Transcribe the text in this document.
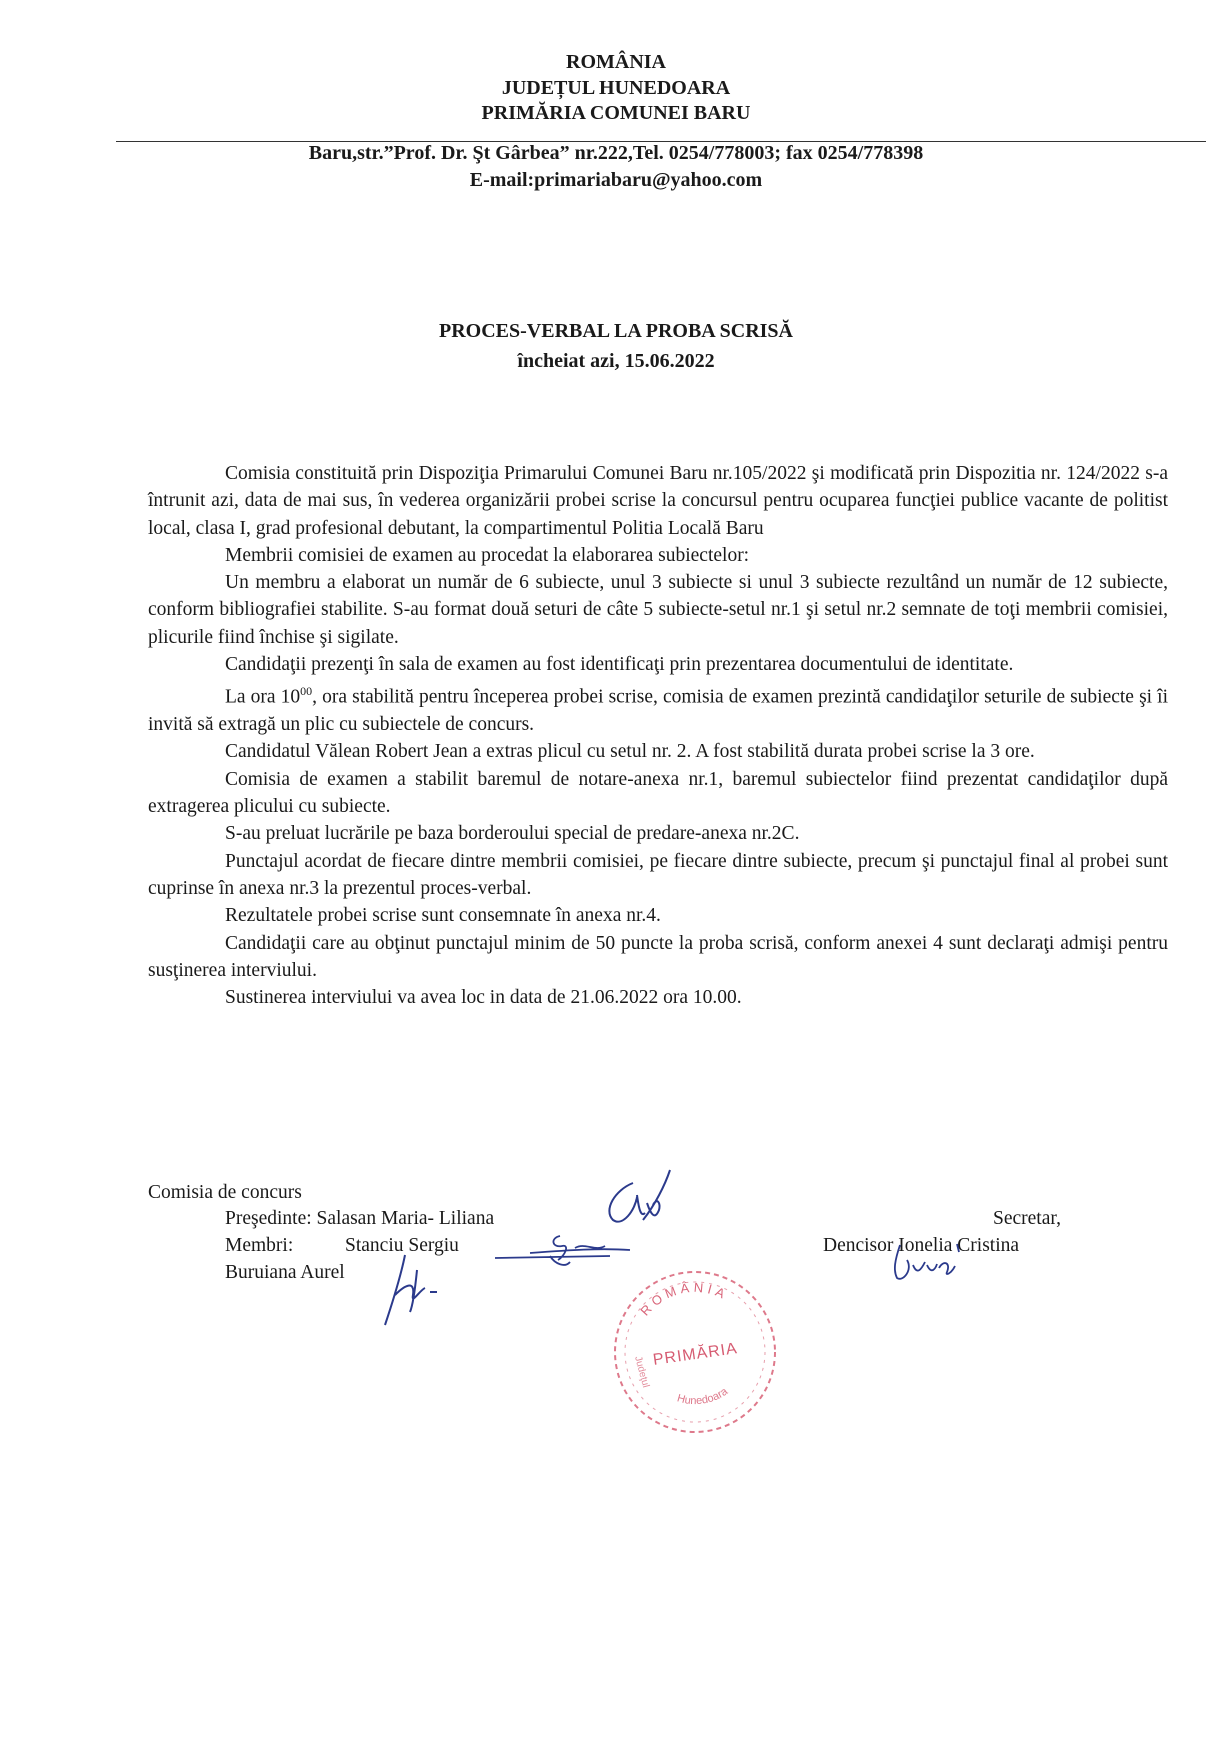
ROMÂNIA
JUDEȚUL HUNEDOARA
PRIMĂRIA COMUNEI BARU
Baru,str.”Prof. Dr. Şt Gârbea” nr.222,Tel. 0254/778003; fax 0254/778398
E-mail:primariabaru@yahoo.com
PROCES-VERBAL LA PROBA SCRISĂ
încheiat azi, 15.06.2022

Comisia constituită prin Dispoziţia Primarului Comunei Baru nr.105/2022 şi modificată prin Dispozitia nr. 124/2022 s-a întrunit azi, data de mai sus, în vederea organizării probei scrise la concursul pentru ocuparea funcţiei publice vacante de politist local, clasa I, grad profesional debutant, la compartimentul Politia Locală Baru

Membrii comisiei de examen au procedat la elaborarea subiectelor:

Un membru a elaborat un număr de 6 subiecte, unul 3 subiecte si unul 3 subiecte rezultând un număr de 12 subiecte, conform bibliografiei stabilite. S-au format două seturi de câte 5 subiecte-setul nr.1 şi setul nr.2 semnate de toţi membrii comisiei, plicurile fiind închise şi sigilate.

Candidaţii prezenţi în sala de examen au fost identificaţi prin prezentarea documentului de identitate.

La ora $10^{00}$, ora stabilită pentru începerea probei scrise, comisia de examen prezintă candidaţilor seturile de subiecte şi îi invită să extragă un plic cu subiectele de concurs.

Candidatul Vălean Robert Jean a extras plicul cu setul nr. 2. A fost stabilită durata probei scrise la 3 ore.

Comisia de examen a stabilit baremul de notare-anexa nr.1, baremul subiectelor fiind prezentat candidaţilor după extragerea plicului cu subiecte.

S-au preluat lucrările pe baza borderoului special de predare-anexa nr.2C.

Punctajul acordat de fiecare dintre membrii comisiei, pe fiecare dintre subiecte, precum şi punctajul final al probei sunt cuprinse în anexa nr.3 la prezentul proces-verbal.

Rezultatele probei scrise sunt consemnate în anexa nr.4.

Candidaţii care au obţinut punctajul minim de 50 puncte la proba scrisă, conform anexei 4 sunt declaraţi admişi pentru susţinerea interviului.

Sustinerea interviului va avea loc in data de 21.06.2022 ora 10.00.

Comisia de concurs
Preşedinte: Salasan Maria- Liliana
Membri:	Stanciu Sergiu
Buruiana Aurel
Secretar,
Dencisor Ionelia Cristina
ROMÂNIA
PRIMĂRIA
Hunedoara
Judeţul
